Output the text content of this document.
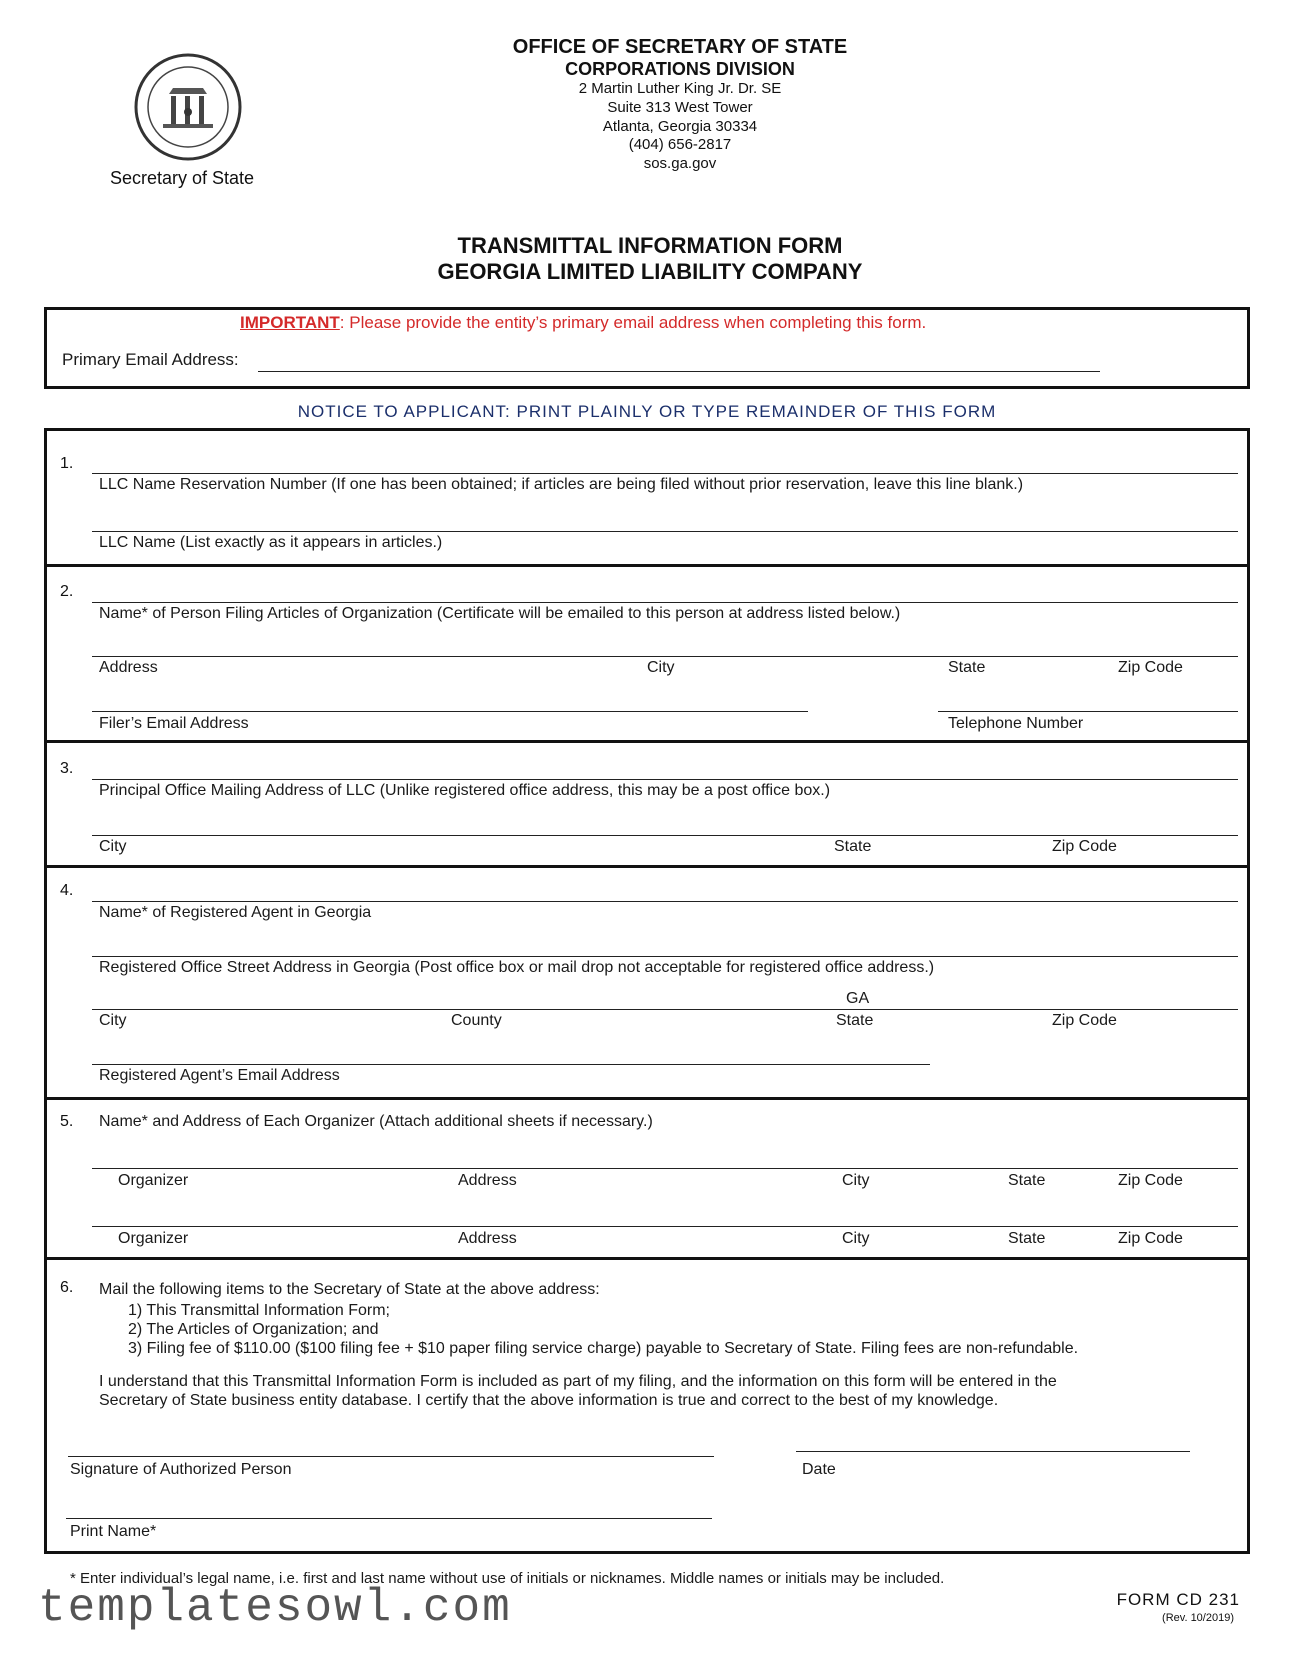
Secretary of State
OFFICE OF SECRETARY OF STATE
CORPORATIONS DIVISION
2 Martin Luther King Jr. Dr. SE
Suite 313 West Tower
Atlanta, Georgia 30334
(404) 656-2817
sos.ga.gov
TRANSMITTAL INFORMATION FORM
GEORGIA LIMITED LIABILITY COMPANY
IMPORTANT: Please provide the entity’s primary email address when completing this form.
Primary Email Address:
NOTICE TO APPLICANT: PRINT PLAINLY OR TYPE REMAINDER OF THIS FORM
1.
LLC Name Reservation Number (If one has been obtained; if articles are being filed without prior reservation, leave this line blank.)
LLC Name (List exactly as it appears in articles.)
2.
Name* of Person Filing Articles of Organization (Certificate will be emailed to this person at address listed below.)
Address	City	State	Zip Code
Filer’s Email Address	Telephone Number
3.
Principal Office Mailing Address of LLC (Unlike registered office address, this may be a post office box.)
City	State	Zip Code
4.
Name* of Registered Agent in Georgia
Registered Office Street Address in Georgia (Post office box or mail drop not acceptable for registered office address.)
GA
City	County	State	Zip Code
Registered Agent’s Email Address
5. Name* and Address of Each Organizer (Attach additional sheets if necessary.)
Organizer	Address	City	State	Zip Code
Organizer	Address	City	State	Zip Code
6. Mail the following items to the Secretary of State at the above address:
1) This Transmittal Information Form;
2) The Articles of Organization; and
3) Filing fee of $110.00 ($100 filing fee + $10 paper filing service charge) payable to Secretary of State. Filing fees are non-refundable.
I understand that this Transmittal Information Form is included as part of my filing, and the information on this form will be entered in the
Secretary of State business entity database. I certify that the above information is true and correct to the best of my knowledge.
Signature of Authorized Person	Date
Print Name*
* Enter individual’s legal name, i.e. first and last name without use of initials or nicknames. Middle names or initials may be included.
templatesowl.com	FORM CD 231
(Rev. 10/2019)
